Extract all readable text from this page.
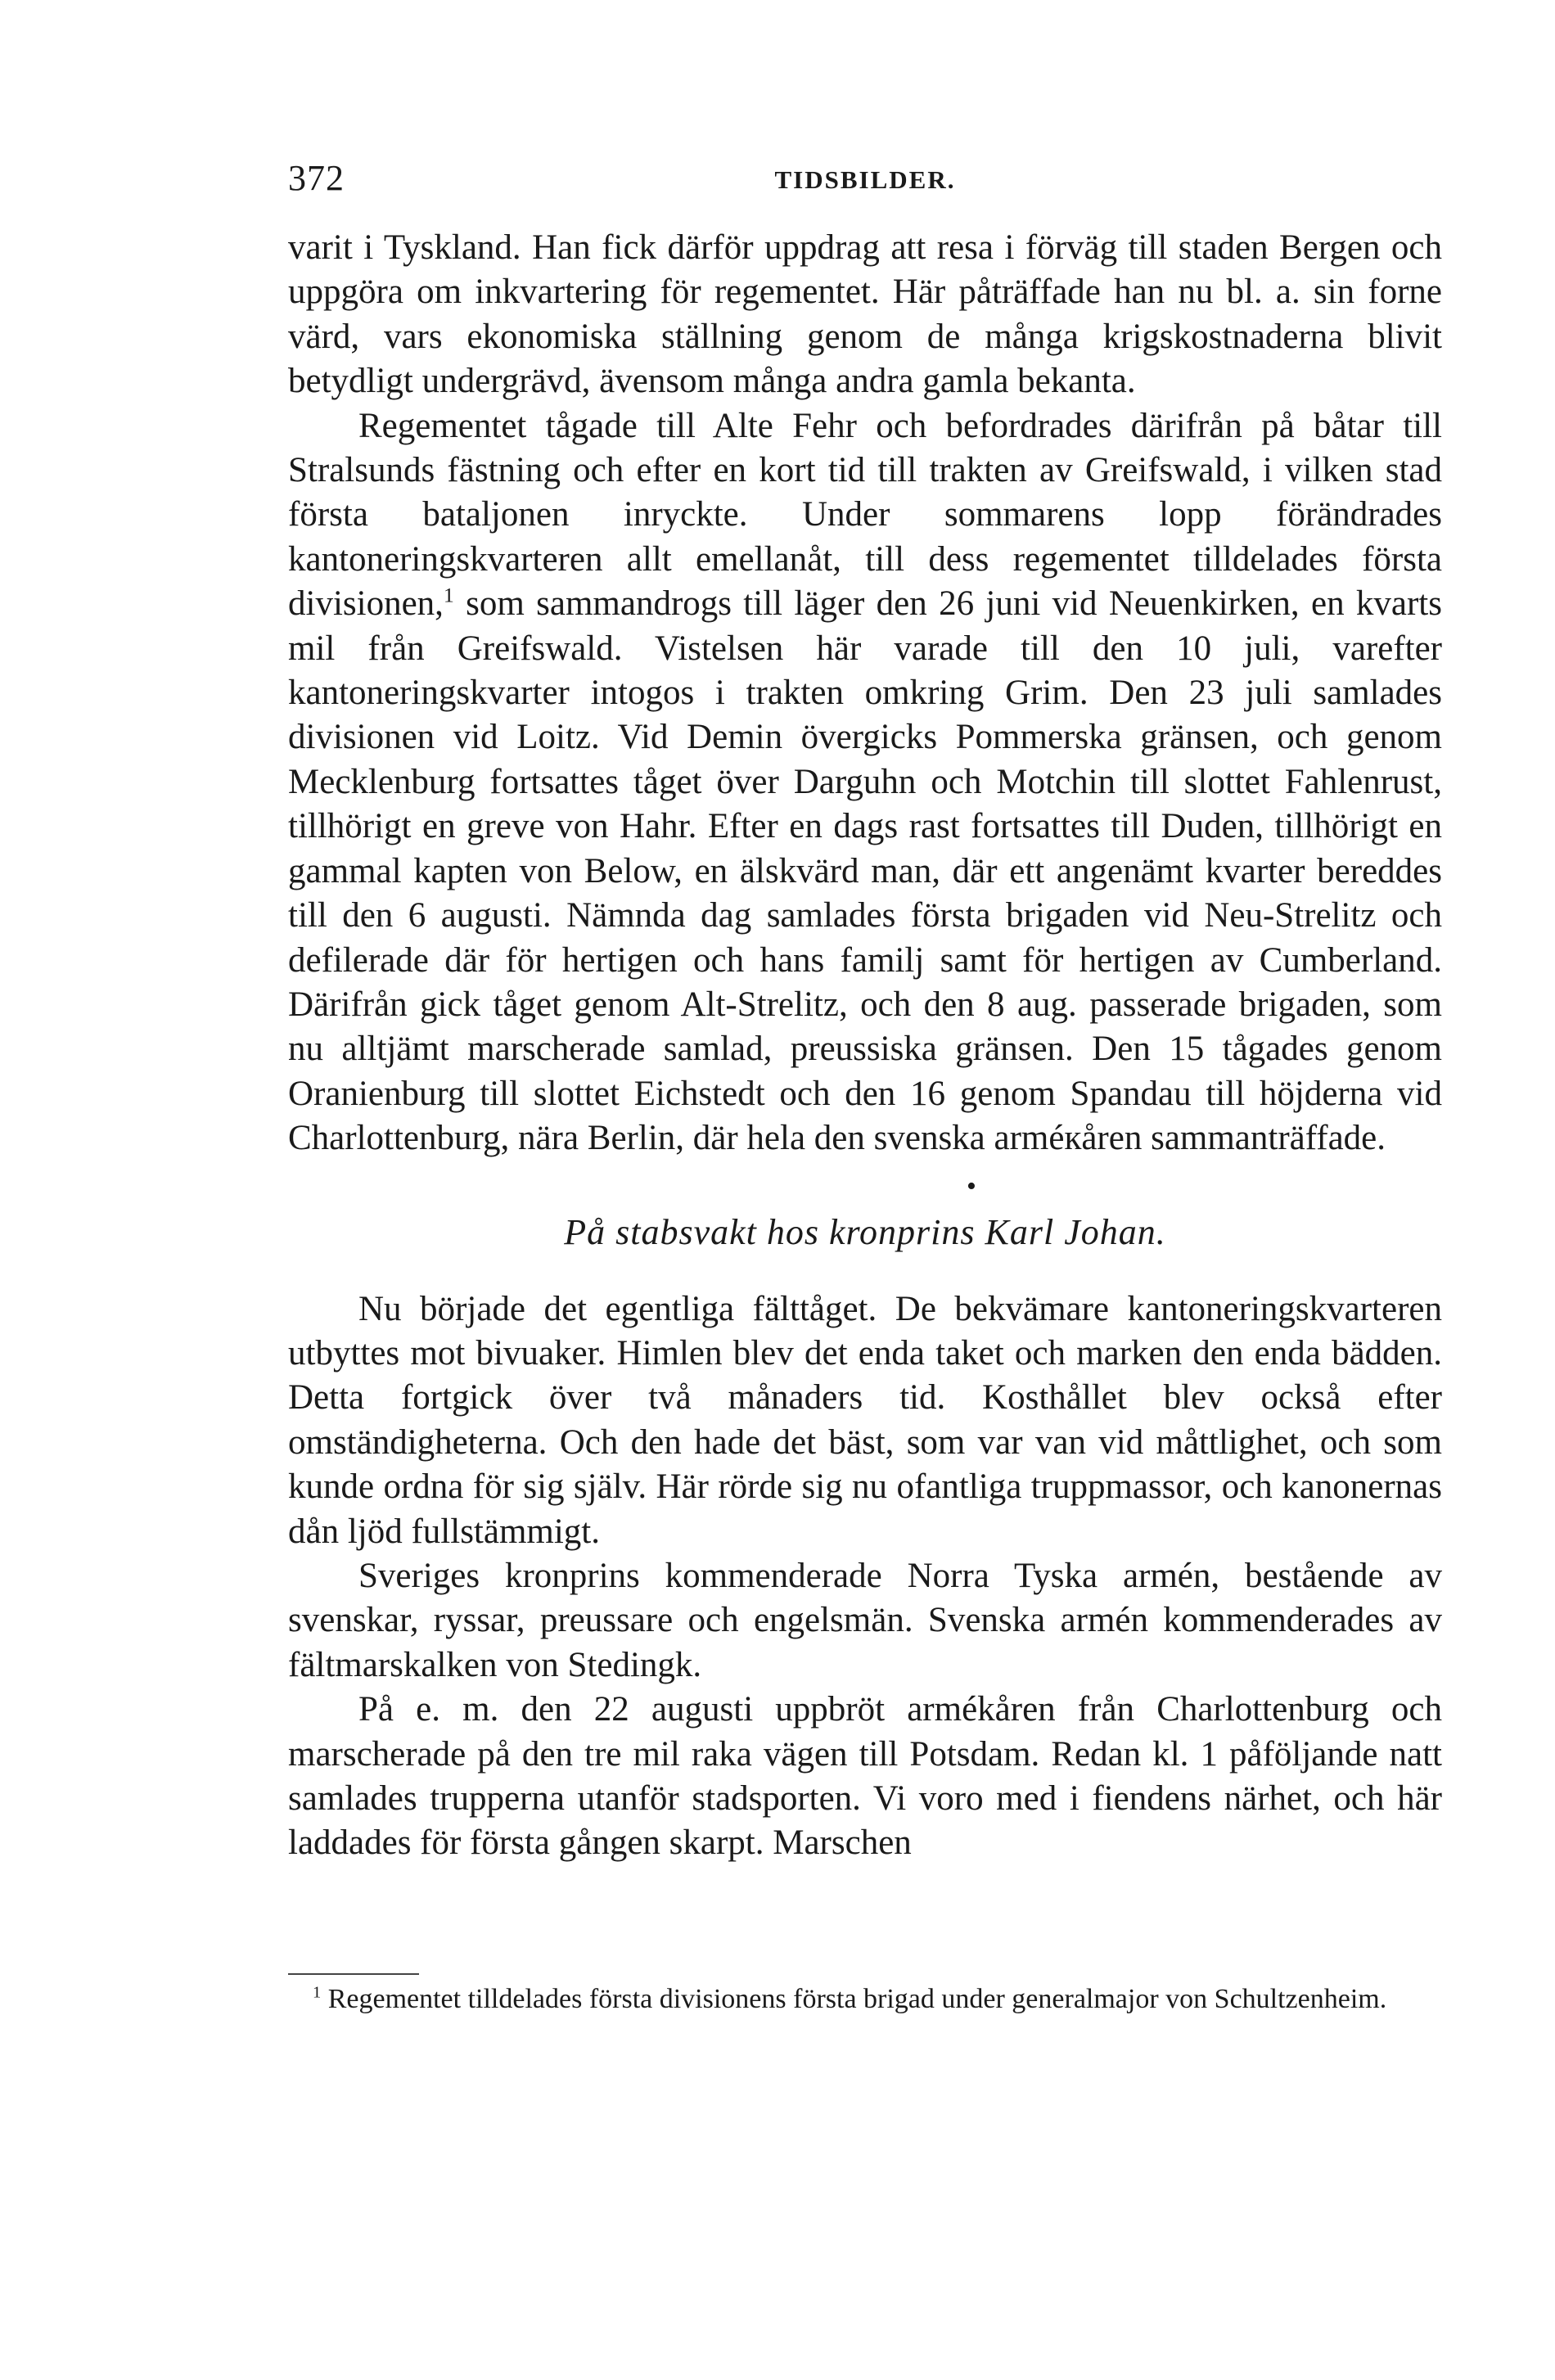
372	TIDSBILDER.

varit i Tyskland. Han fick därför uppdrag att resa i förväg till staden Bergen och uppgöra om inkvartering för regementet. Här påträffade han nu bl. a. sin forne värd, vars ekonomiska ställning genom de många krigskostnaderna blivit betydligt undergrävd, ävensom många andra gamla bekanta.

Regementet tågade till Alte Fehr och befordrades därifrån på båtar till Stralsunds fästning och efter en kort tid till trakten av Greifswald, i vilken stad första bataljonen inryckte. Under sommarens lopp förändrades kantoneringskvarteren allt emellanåt, till dess regementet tilldelades första divisionen,$^1$ som sammandrogs till läger den 26 juni vid Neuenkirken, en kvarts mil från Greifswald. Vistelsen här varade till den 10 juli, varefter kantoneringskvarter intogos i trakten omkring Grim. Den 23 juli samlades divisionen vid Loitz. Vid Demin övergicks Pommerska gränsen, och genom Mecklenburg fortsattes tåget över Darguhn och Motchin till slottet Fahlenrust, tillhörigt en greve von Hahr. Efter en dags rast fortsattes till Duden, tillhörigt en gammal kapten von Below, en älskvärd man, där ett angenämt kvarter bereddes till den 6 augusti. Nämnda dag samlades första brigaden vid Neu-Strelitz och defilerade där för hertigen och hans familj samt för hertigen av Cumberland. Därifrån gick tåget genom Alt-Strelitz, och den 8 aug. passerade brigaden, som nu alltjämt marscherade samlad, preussiska gränsen. Den 15 tågades genom Oranienburg till slottet Eichstedt och den 16 genom Spandau till höjderna vid Charlottenburg, nära Berlin, där hela den svenska arméкåren sammanträffade.

•
På stabsvakt hos kronprins Karl Johan.

Nu började det egentliga fälttåget. De bekvämare kantoneringskvarteren utbyttes mot bivuaker. Himlen blev det enda taket och marken den enda bädden. Detta fortgick över två månaders tid. Kosthållet blev också efter omständigheterna. Och den hade det bäst, som var van vid måttlighet, och som kunde ordna för sig själv. Här rörde sig nu ofantliga truppmassor, och kanonernas dån ljöd fullstämmigt.

Sveriges kronprins kommenderade Norra Tyska armén, bestående av svenskar, ryssar, preussare och engelsmän. Svenska armén kommenderades av fältmarskalken von Stedingk.

På e. m. den 22 augusti uppbröt armékåren från Charlottenburg och marscherade på den tre mil raka vägen till Potsdam. Redan kl. 1 påföljande natt samlades trupperna utanför stadsporten. Vi voro med i fiendens närhet, och här laddades för första gången skarpt. Marschen

$^1$ Regementet tilldelades första divisionens första brigad under generalmajor von Schultzenheim.
